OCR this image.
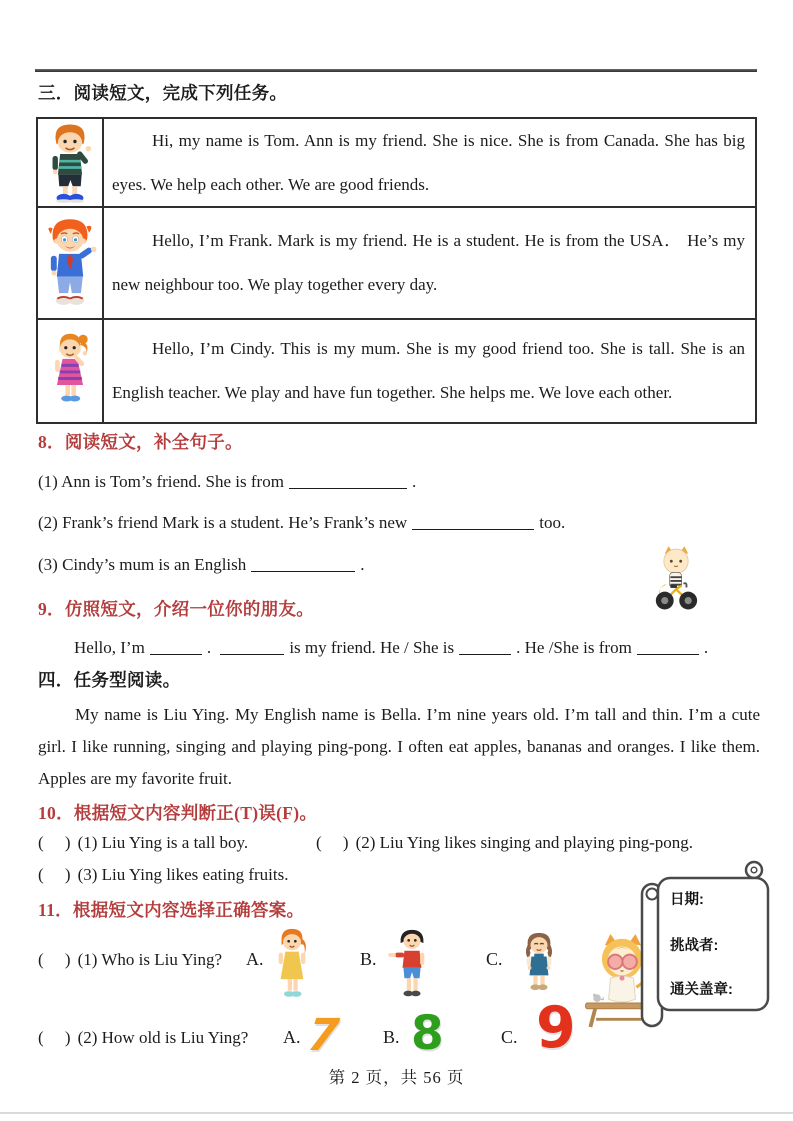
三．阅读短文，完成下列任务。
Hi, my name is Tom. Ann is my friend. She is nice. She is from Canada. She has big eyes. We help each other. We are good friends.
Hello, I’m Frank. Mark is my friend. He is a student. He is from the USA． He’s my new neighbour too. We play together every day.
Hello, I’m Cindy. This is my mum. She is my good friend too. She is tall. She is an English teacher. We play and have fun together. She helps me. We love each other.
8．阅读短文，补全句子。
(1) Ann is Tom’s friend. She is from	.
(2) Frank’s friend Mark is a student. He’s Frank’s new	too.
(3) Cindy’s mum is an English	.
9．仿照短文，介绍一位你的朋友。
Hello, I’m	.	is my friend. He / She is	. He /She is from	.
四．任务型阅读。
My name is Liu Ying. My English name is Bella. I’m nine years old. I’m tall and thin. I’m a cute girl. I like running, singing and playing ping-pong. I often eat apples, bananas and oranges. I like them. Apples are my favorite fruit.
10．根据短文内容判断正(T)误(F)。
(     ) (1) Liu Ying is a tall boy.	(     ) (2) Liu Ying likes singing and playing ping-pong.
(     ) (3) Liu Ying likes eating fruits.
11．根据短文内容选择正确答案。
(     ) (1) Who is Liu Ying? A.	B.	C.
日期:
挑战者:
通关盖章:
(     ) (2) How old is Liu Ying? A. 7 B. 8	C. 9
第 2 页，共 56 页
